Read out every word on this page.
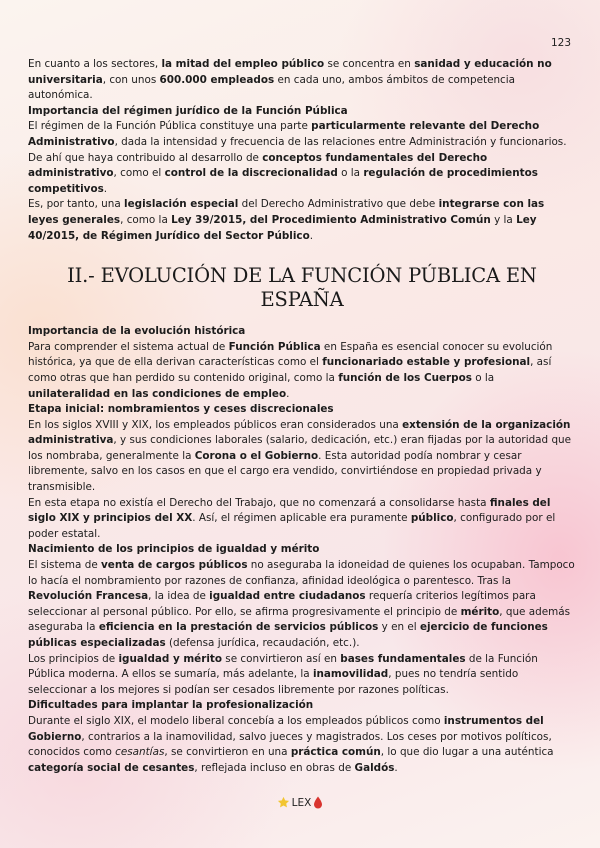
123

En cuanto a los sectores, la mitad del empleo público se concentra en sanidad y educación no universitaria, con unos 600.000 empleados en cada uno, ambos ámbitos de competencia autonómica.

Importancia del régimen jurídico de la Función Pública

El régimen de la Función Pública constituye una parte particularmente relevante del Derecho Administrativo, dada la intensidad y frecuencia de las relaciones entre Administración y funcionarios. De ahí que haya contribuido al desarrollo de conceptos fundamentales del Derecho administrativo, como el control de la discrecionalidad o la regulación de procedimientos competitivos.

Es, por tanto, una legislación especial del Derecho Administrativo que debe integrarse con las leyes generales, como la Ley 39/2015, del Procedimiento Administrativo Común y la Ley 40/2015, de Régimen Jurídico del Sector Público.

II.- EVOLUCIÓN DE LA FUNCIÓN PÚBLICA EN ESPAÑA

Importancia de la evolución histórica

Para comprender el sistema actual de Función Pública en España es esencial conocer su evolución histórica, ya que de ella derivan características como el funcionariado estable y profesional, así como otras que han perdido su contenido original, como la función de los Cuerpos o la unilateralidad en las condiciones de empleo.

Etapa inicial: nombramientos y ceses discrecionales

En los siglos XVIII y XIX, los empleados públicos eran considerados una extensión de la organización administrativa, y sus condiciones laborales (salario, dedicación, etc.) eran fijadas por la autoridad que los nombraba, generalmente la Corona o el Gobierno. Esta autoridad podía nombrar y cesar libremente, salvo en los casos en que el cargo era vendido, convirtiéndose en propiedad privada y transmisible.

En esta etapa no existía el Derecho del Trabajo, que no comenzará a consolidarse hasta finales del siglo XIX y principios del XX. Así, el régimen aplicable era puramente público, configurado por el poder estatal.

Nacimiento de los principios de igualdad y mérito

El sistema de venta de cargos públicos no aseguraba la idoneidad de quienes los ocupaban. Tampoco lo hacía el nombramiento por razones de confianza, afinidad ideológica o parentesco. Tras la Revolución Francesa, la idea de igualdad entre ciudadanos requería criterios legítimos para seleccionar al personal público. Por ello, se afirma progresivamente el principio de mérito, que además aseguraba la eficiencia en la prestación de servicios públicos y en el ejercicio de funciones públicas especializadas (defensa jurídica, recaudación, etc.).

Los principios de igualdad y mérito se convirtieron así en bases fundamentales de la Función Pública moderna. A ellos se sumaría, más adelante, la inamovilidad, pues no tendría sentido seleccionar a los mejores si podían ser cesados libremente por razones políticas.

Dificultades para implantar la profesionalización

Durante el siglo XIX, el modelo liberal concebía a los empleados públicos como instrumentos del Gobierno, contrarios a la inamovilidad, salvo jueces y magistrados. Los ceses por motivos políticos, conocidos como cesantías, se convirtieron en una práctica común, lo que dio lugar a una auténtica categoría social de cesantes, reflejada incluso en obras de Galdós.

LEX
